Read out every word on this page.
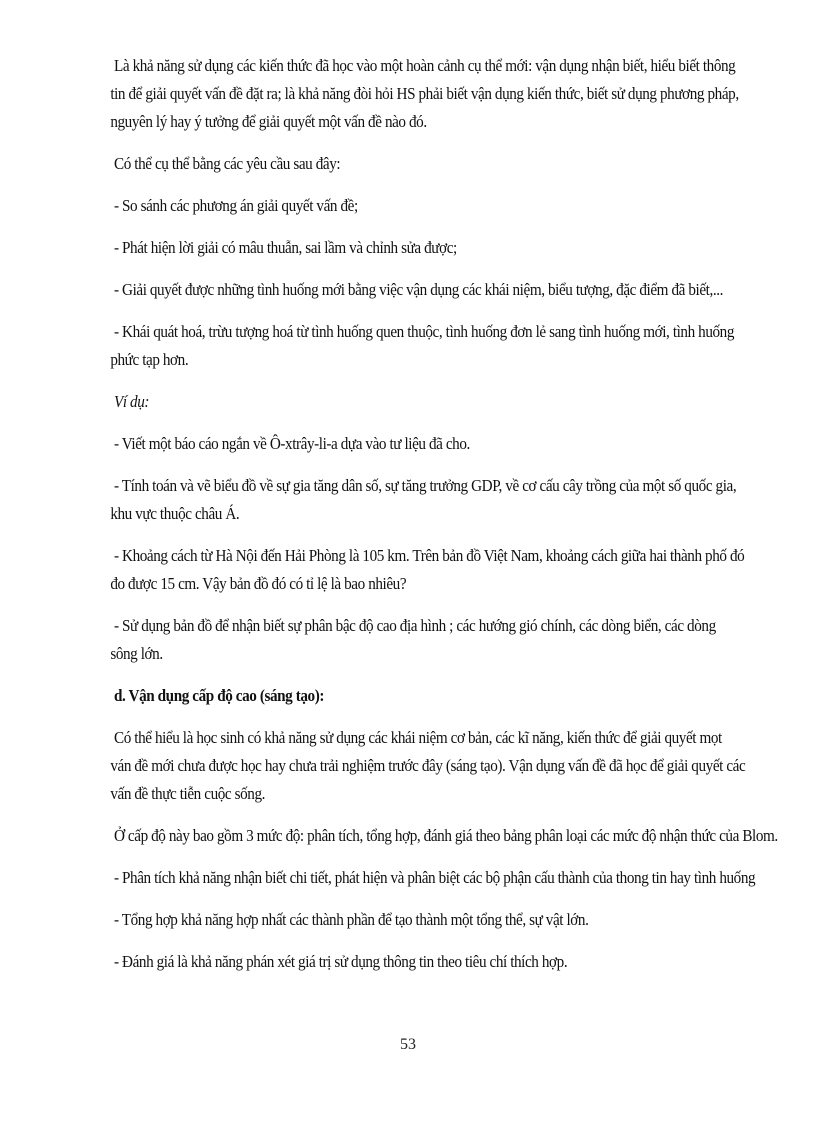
Là khả năng sử dụng các kiến thức đã học vào một hoàn cảnh cụ thể mới: vận dụng nhận biết, hiểu biết thông
tin để giải quyết vấn đề đặt ra; là khả năng đòi hỏi HS phải biết vận dụng kiến thức, biết sử dụng phương pháp,
nguyên lý hay ý tưởng để giải quyết một vấn đề nào đó.
Có thể cụ thể bằng các yêu cầu sau đây:
- So sánh các phương án giải quyết vấn đề;
- Phát hiện lời giải có mâu thuẫn, sai lầm và chỉnh sửa được;
- Giải quyết được những tình huống mới bằng việc vận dụng các khái niệm, biểu tượng, đặc điểm đã biết,...
- Khái quát hoá, trừu tượng hoá từ tình huống quen thuộc, tình huống đơn lẻ sang tình huống mới, tình huống
phức tạp hơn.
Ví dụ:
- Viết một báo cáo ngắn về Ô-xtrây-li-a dựa vào tư liệu đã cho.
- Tính toán và vẽ biểu đồ về sự gia tăng dân số, sự tăng trưởng GDP, về cơ cấu cây trồng của một số quốc gia,
khu vực thuộc châu Á.
- Khoảng cách từ Hà Nội đến Hải Phòng là 105 km. Trên bản đồ Việt Nam, khoảng cách giữa hai thành phố đó
đo được 15 cm. Vậy bản đồ đó có tỉ lệ là bao nhiêu?
- Sử dụng bản đồ để nhận biết sự phân bậc độ cao địa hình ; các hướng gió chính, các dòng biển, các dòng
sông lớn.
d. Vận dụng cấp độ cao (sáng tạo):
Có thể hiểu là học sinh có khả năng sử dụng các khái niệm cơ bản, các kĩ năng, kiến thức để giải quyết mọt
ván đề mới chưa được học hay chưa trải nghiệm trước đây (sáng tạo). Vận dụng vấn đề đã học để giải quyết các
vấn đề thực tiễn cuộc sống.
Ở cấp độ này bao gồm 3 mức độ: phân tích, tổng hợp, đánh giá theo bảng phân loại các mức độ nhận thức của Blom.
- Phân tích khả năng nhận biết chi tiết, phát hiện và phân biệt các bộ phận cấu thành của thong tin hay tình huống
- Tổng hợp khả năng hợp nhất các thành phần để tạo thành một tổng thể, sự vật lớn.
- Đánh giá là khả năng phán xét giá trị sử dụng thông tin theo tiêu chí thích hợp.
53
